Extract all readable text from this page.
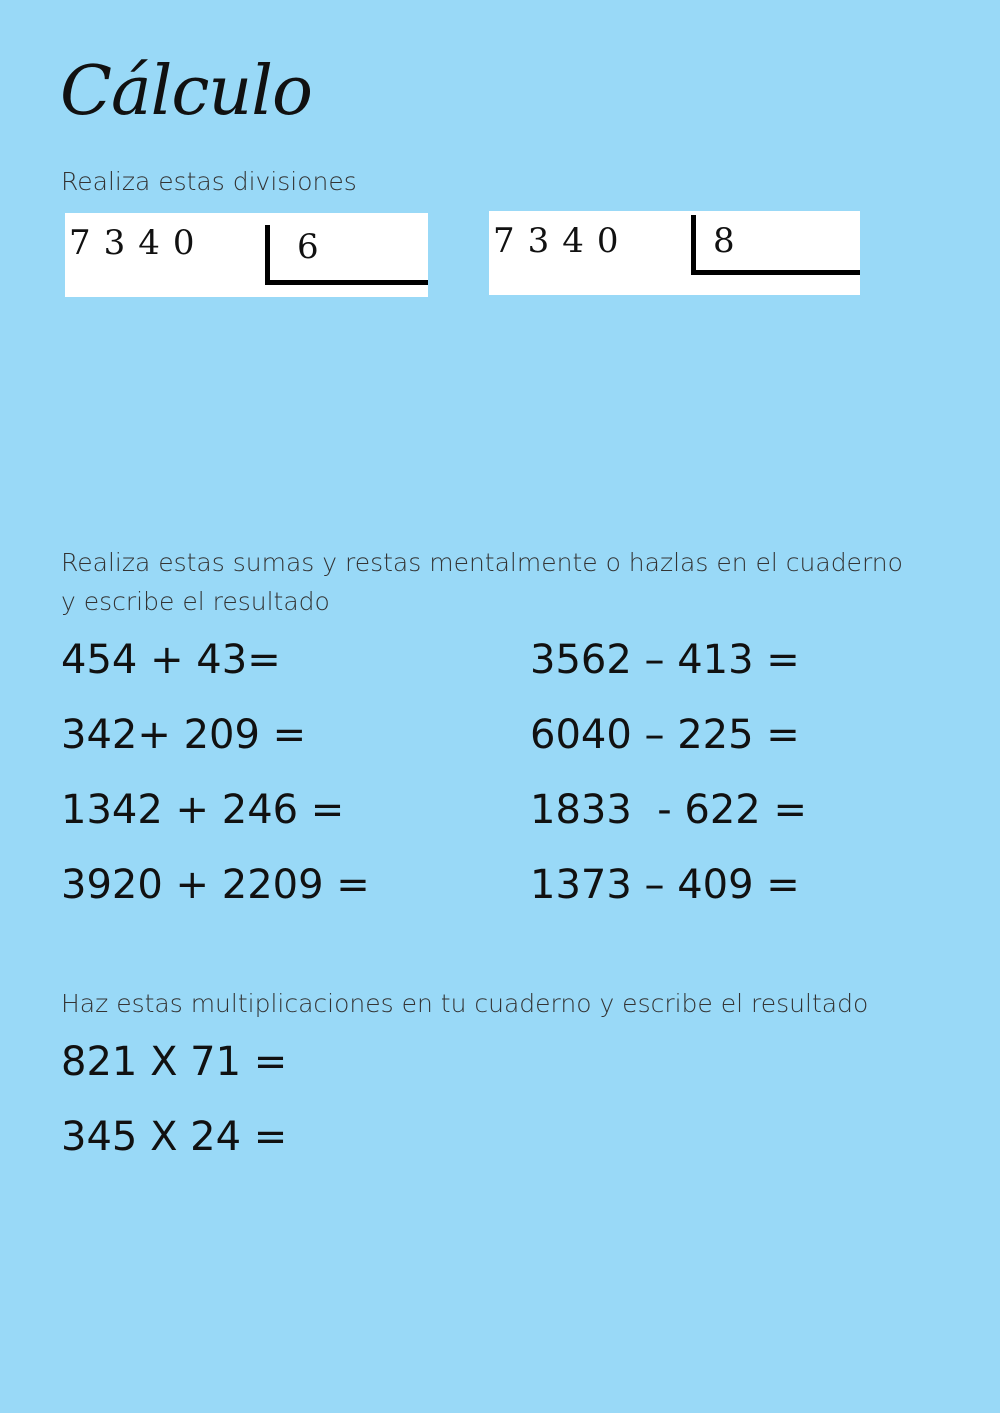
Cálculo

Realiza estas divisiones

7340	6	7340 8

Realiza estas sumas y restas mentalmente o hazlas en el cuaderno y escribe el resultado

454 + 43=
342+ 209 =
1342 + 246 =
3920 + 2209 =
3562 – 413 =
6040 – 225 =
1833  - 622 =
1373 – 409 =

Haz estas multiplicaciones en tu cuaderno y escribe el resultado

821 X 71 =
345 X 24 =
